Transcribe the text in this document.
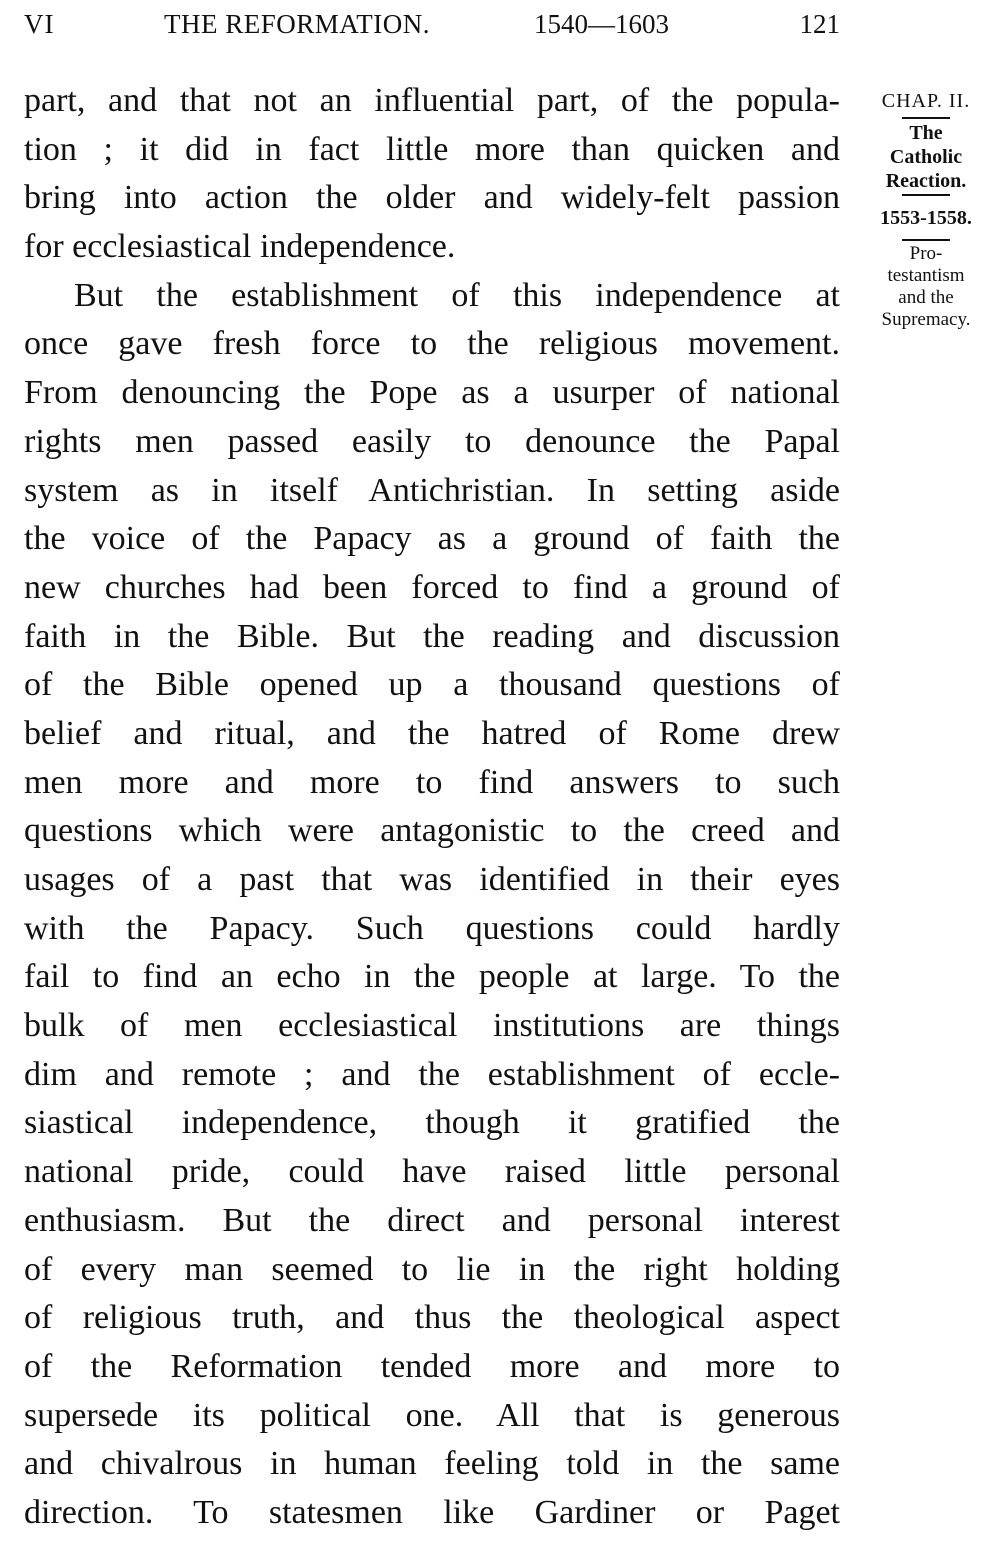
VI	THE REFORMATION.	1540—1603	121
part, and that not an influential part, of the popula-
tion ; it did in fact little more than quicken and
bring into action the older and widely-felt passion
for ecclesiastical independence.
But the establishment of this independence at
once gave fresh force to the religious movement.
From denouncing the Pope as a usurper of national
rights men passed easily to denounce the Papal
system as in itself Antichristian. In setting aside
the voice of the Papacy as a ground of faith the
new churches had been forced to find a ground of
faith in the Bible. But the reading and discussion
of the Bible opened up a thousand questions of
belief and ritual, and the hatred of Rome drew
men more and more to find answers to such
questions which were antagonistic to the creed and
usages of a past that was identified in their eyes
with the Papacy. Such questions could hardly
fail to find an echo in the people at large. To the
bulk of men ecclesiastical institutions are things
dim and remote ; and the establishment of eccle-
siastical independence, though it gratified the
national pride, could have raised little personal
enthusiasm. But the direct and personal interest
of every man seemed to lie in the right holding
of religious truth, and thus the theological aspect
of the Reformation tended more and more to
supersede its political one. All that is generous
and chivalrous in human feeling told in the same
direction. To statesmen like Gardiner or Paget
CHAP. II.
The
Catholic
Reaction.
1553-1558.
Pro-
testantism
and the
Supremacy.
